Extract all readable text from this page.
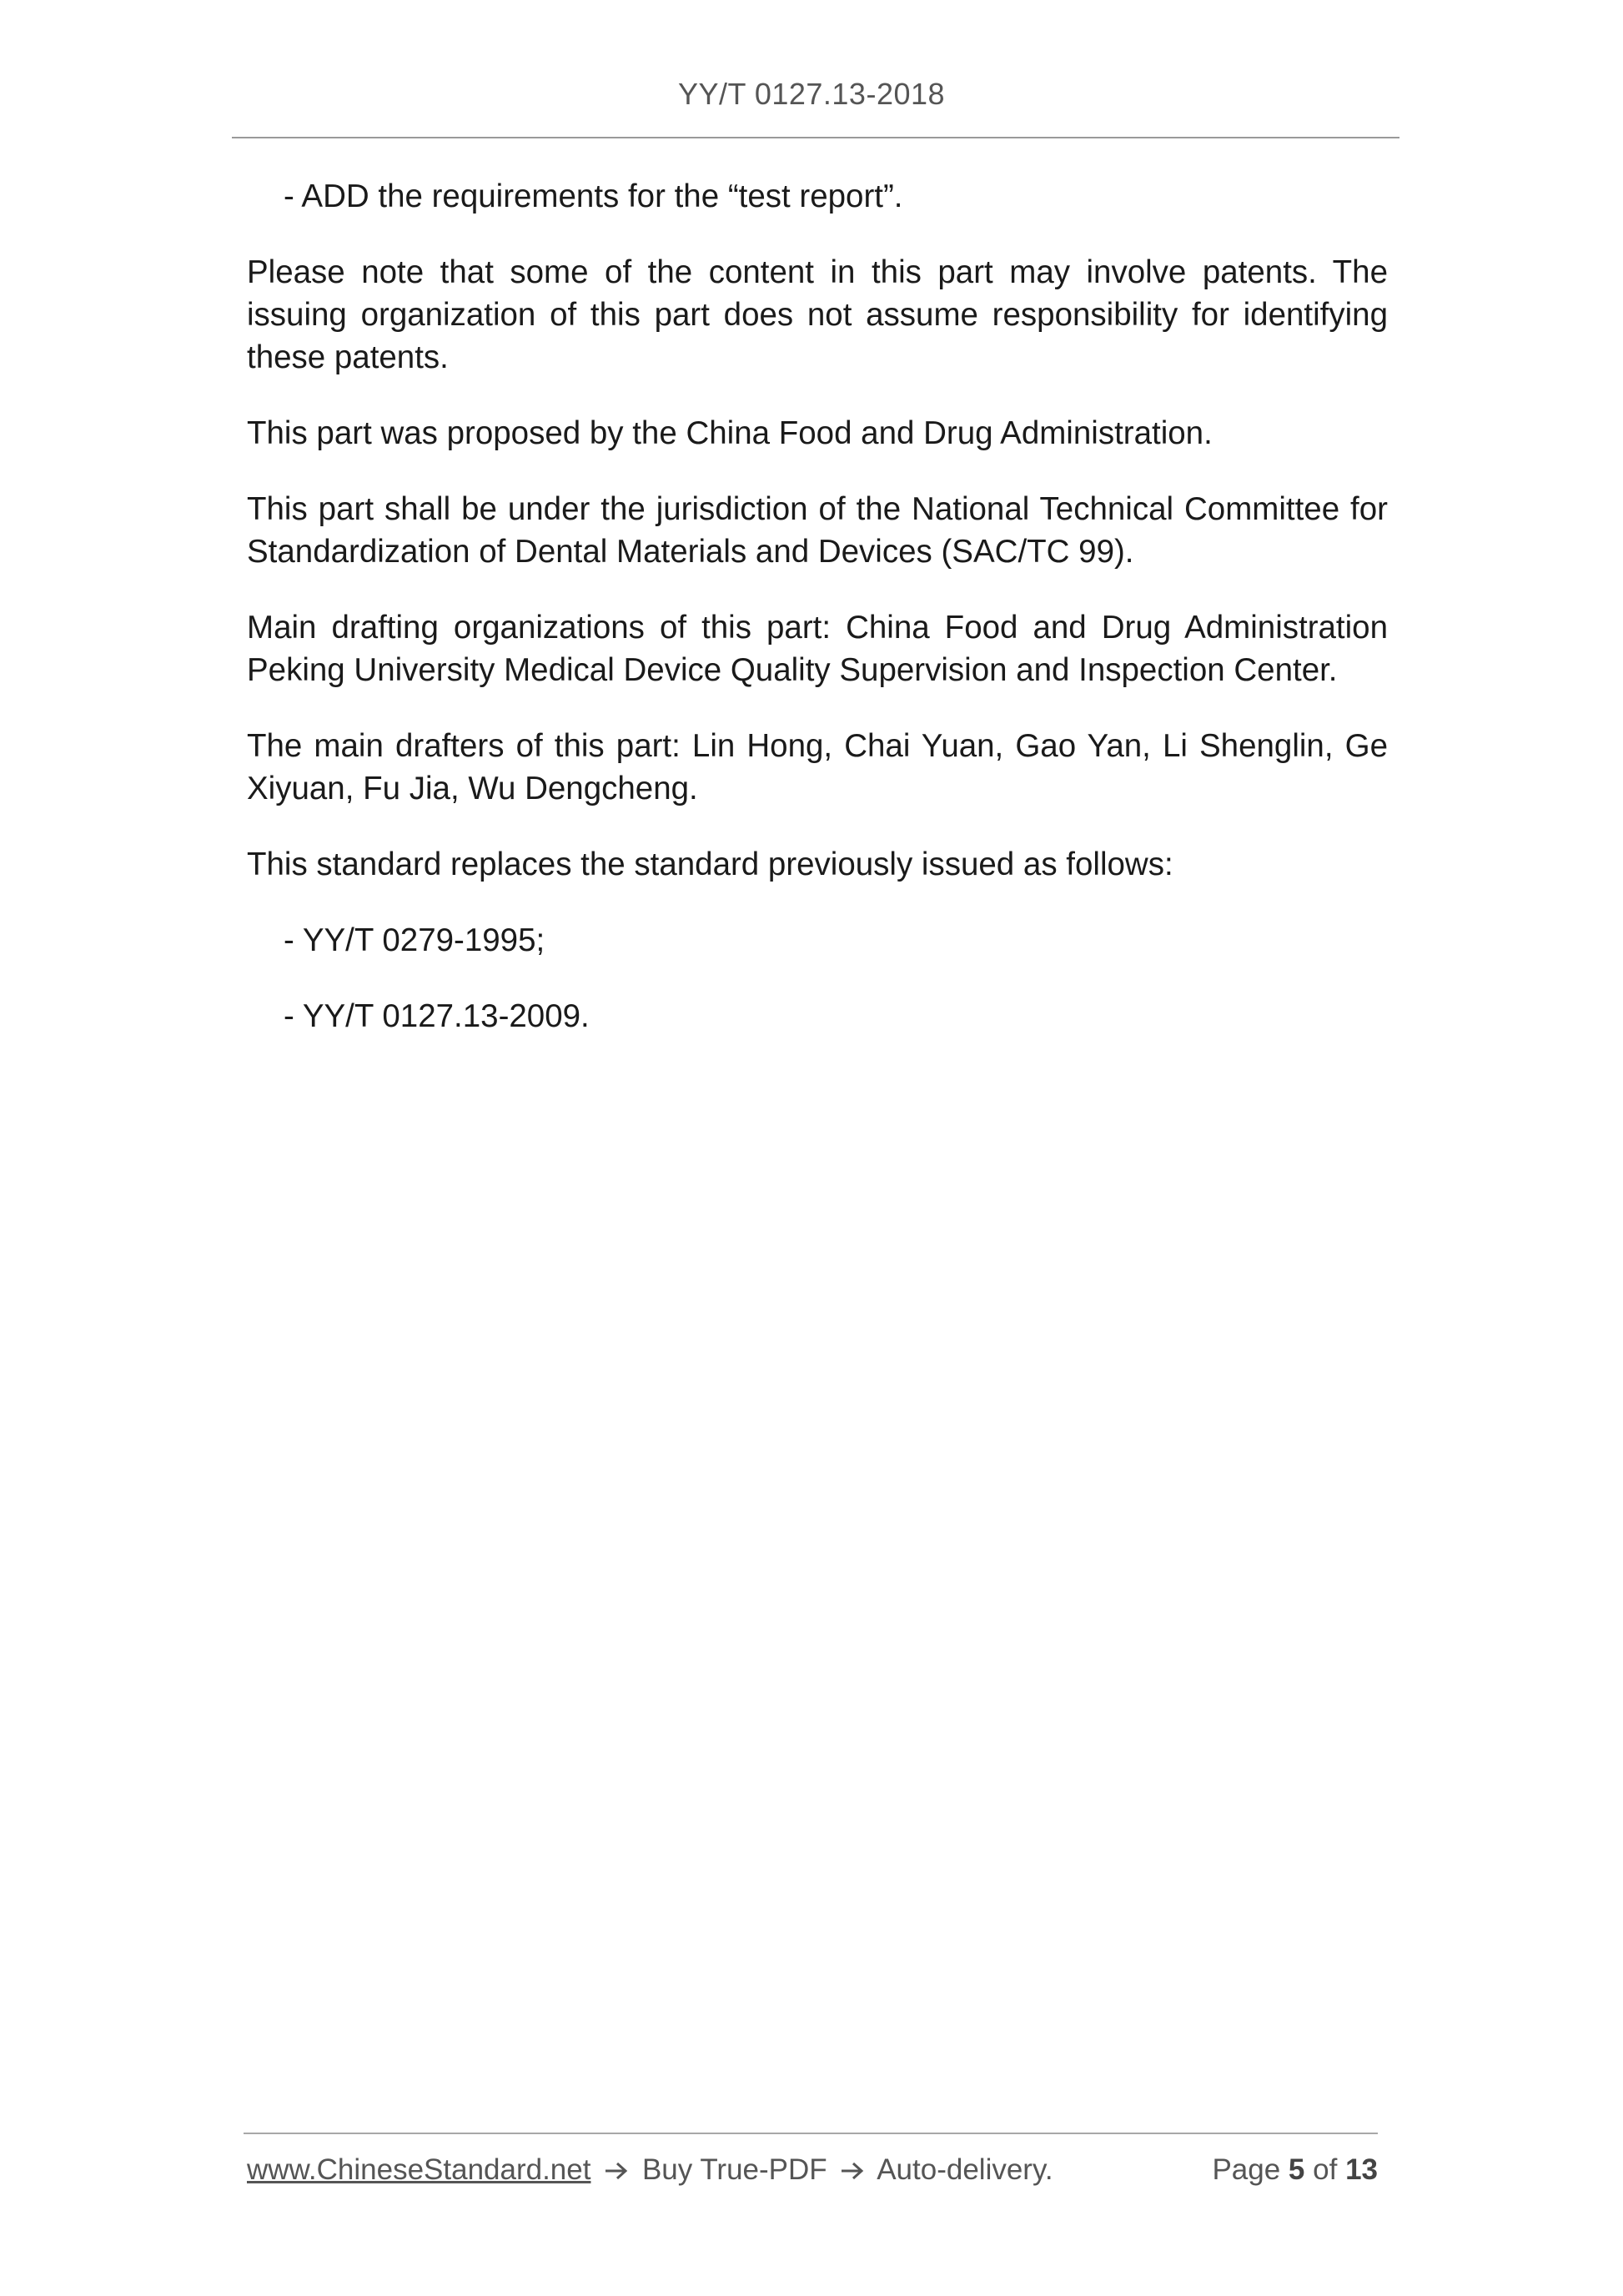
YY/T 0127.13-2018

- ADD the requirements for the “test report”.

Please note that some of the content in this part may involve patents. The issuing organization of this part does not assume responsibility for identifying these patents.

This part was proposed by the China Food and Drug Administration.

This part shall be under the jurisdiction of the National Technical Committee for Standardization of Dental Materials and Devices (SAC/TC 99).

Main drafting organizations of this part: China Food and Drug Administration Peking University Medical Device Quality Supervision and Inspection Center.

The main drafters of this part: Lin Hong, Chai Yuan, Gao Yan, Li Shenglin, Ge Xiyuan, Fu Jia, Wu Dengcheng.

This standard replaces the standard previously issued as follows:

- YY/T 0279-1995;

- YY/T 0127.13-2009.

www.ChineseStandard.net Buy True-PDF Auto-delivery.	Page 5 of 13
